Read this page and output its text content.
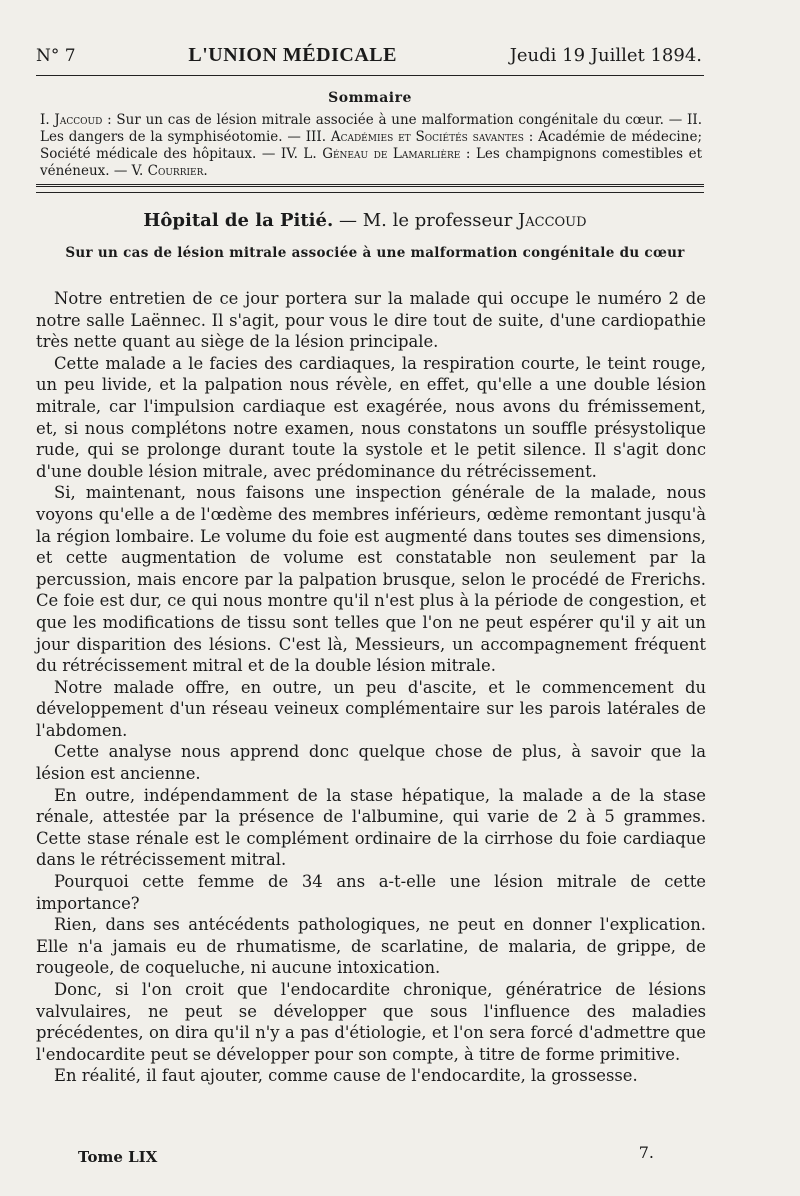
N° 7	L'UNION MÉDICALE	Jeudi 19 Juillet 1894.
Sommaire
I. Jaccoud : Sur un cas de lésion mitrale associée à une malformation congénitale du cœur. — II. Les dangers de la symphiséotomie. — III. Académies et Sociétés savantes : Académie de médecine; Société médicale des hôpitaux. — IV. L. Géneau de Lamarlière : Les champignons comestibles et vénéneux. — V. Courrier.
Hôpital de la Pitié. — M. le professeur Jaccoud
Sur un cas de lésion mitrale associée à une malformation congénitale du cœur

Notre entretien de ce jour portera sur la malade qui occupe le numéro 2 de notre salle Laënnec. Il s'agit, pour vous le dire tout de suite, d'une cardiopathie très nette quant au siège de la lésion principale.

Cette malade a le facies des cardiaques, la respiration courte, le teint rouge, un peu livide, et la palpation nous révèle, en effet, qu'elle a une double lésion mitrale, car l'impulsion cardiaque est exagérée, nous avons du frémissement, et, si nous complétons notre examen, nous constatons un souffle présystolique rude, qui se prolonge durant toute la systole et le petit silence. Il s'agit donc d'une double lésion mitrale, avec prédominance du rétrécissement.

Si, maintenant, nous faisons une inspection générale de la malade, nous voyons qu'elle a de l'œdème des membres inférieurs, œdème remontant jusqu'à la région lombaire. Le volume du foie est augmenté dans toutes ses dimensions, et cette augmentation de volume est constatable non seulement par la percussion, mais encore par la palpation brusque, selon le procédé de Frerichs. Ce foie est dur, ce qui nous montre qu'il n'est plus à la période de congestion, et que les modifications de tissu sont telles que l'on ne peut espérer qu'il y ait un jour disparition des lésions. C'est là, Messieurs, un accompagnement fréquent du rétrécissement mitral et de la double lésion mitrale.

Notre malade offre, en outre, un peu d'ascite, et le commencement du développement d'un réseau veineux complémentaire sur les parois latérales de l'abdomen.

Cette analyse nous apprend donc quelque chose de plus, à savoir que la lésion est ancienne.

En outre, indépendamment de la stase hépatique, la malade a de la stase rénale, attestée par la présence de l'albumine, qui varie de 2 à 5 grammes. Cette stase rénale est le complément ordinaire de la cirrhose du foie cardiaque dans le rétrécissement mitral.

Pourquoi cette femme de 34 ans a-t-elle une lésion mitrale de cette importance?

Rien, dans ses antécédents pathologiques, ne peut en donner l'explication. Elle n'a jamais eu de rhumatisme, de scarlatine, de malaria, de grippe, de rougeole, de coqueluche, ni aucune intoxication.

Donc, si l'on croit que l'endocardite chronique, génératrice de lésions valvulaires, ne peut se développer que sous l'influence des maladies précédentes, on dira qu'il n'y a pas d'étiologie, et l'on sera forcé d'admettre que l'endocardite peut se développer pour son compte, à titre de forme primitive.

En réalité, il faut ajouter, comme cause de l'endocardite, la grossesse.

Tome LIX	7.
